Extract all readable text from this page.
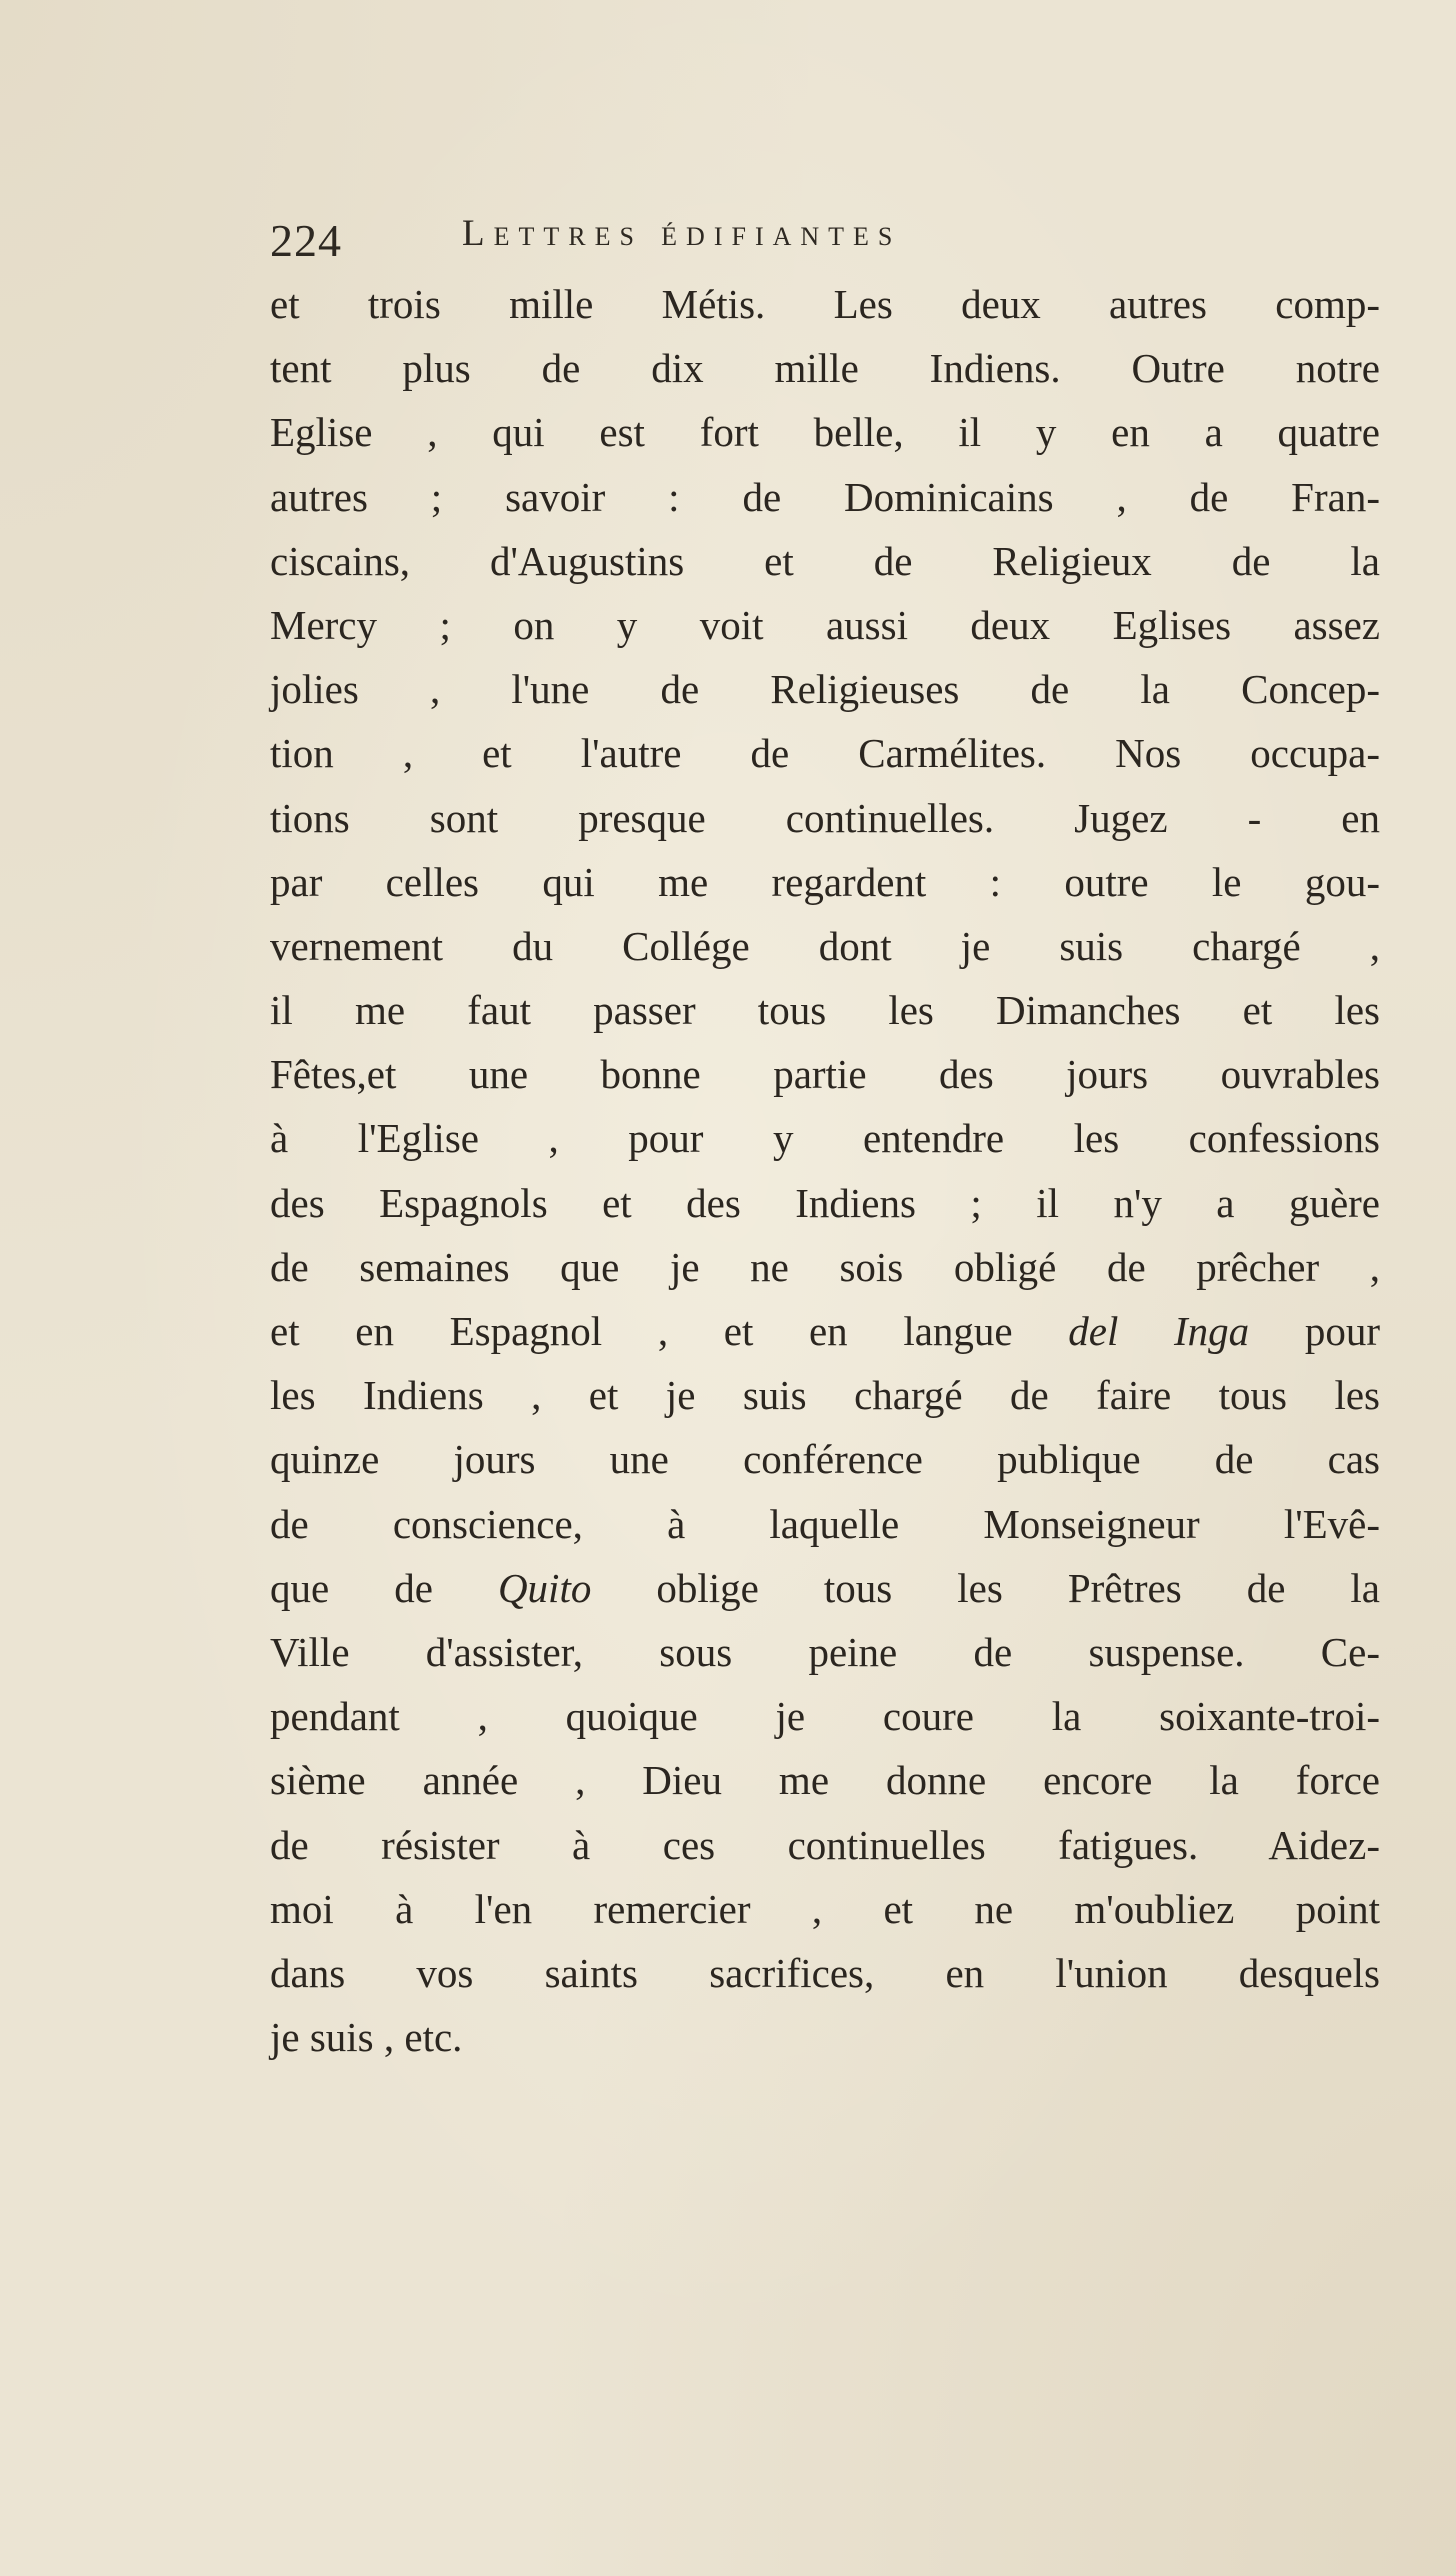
224	Lettres édifiantes
et trois mille Métis. Les deux autres comp-
tent plus de dix mille Indiens. Outre notre
Eglise , qui est fort belle, il y en a quatre
autres ; savoir : de Dominicains , de Fran-
ciscains, d'Augustins et de Religieux de la
Mercy ; on y voit aussi deux Eglises assez
jolies , l'une de Religieuses de la Concep-
tion , et l'autre de Carmélites. Nos occupa-
tions sont presque continuelles. Jugez - en
par celles qui me regardent : outre le gou-
vernement du Collége dont je suis chargé ,
il me faut passer tous les Dimanches et les
Fêtes,et une bonne partie des jours ouvrables
à l'Eglise , pour y entendre les confessions
des Espagnols et des Indiens ; il n'y a guère
de semaines que je ne sois obligé de prêcher ,
et en Espagnol , et en langue del Inga pour
les Indiens , et je suis chargé de faire tous les
quinze jours une conférence publique de cas
de conscience, à laquelle Monseigneur l'Evê-
que de Quito oblige tous les Prêtres de la
Ville d'assister, sous peine de suspense. Ce-
pendant , quoique je coure la soixante-troi-
sième année , Dieu me donne encore la force
de résister à ces continuelles fatigues. Aidez-
moi à l'en remercier , et ne m'oubliez point
dans vos saints sacrifices, en l'union desquels
je suis , etc.
